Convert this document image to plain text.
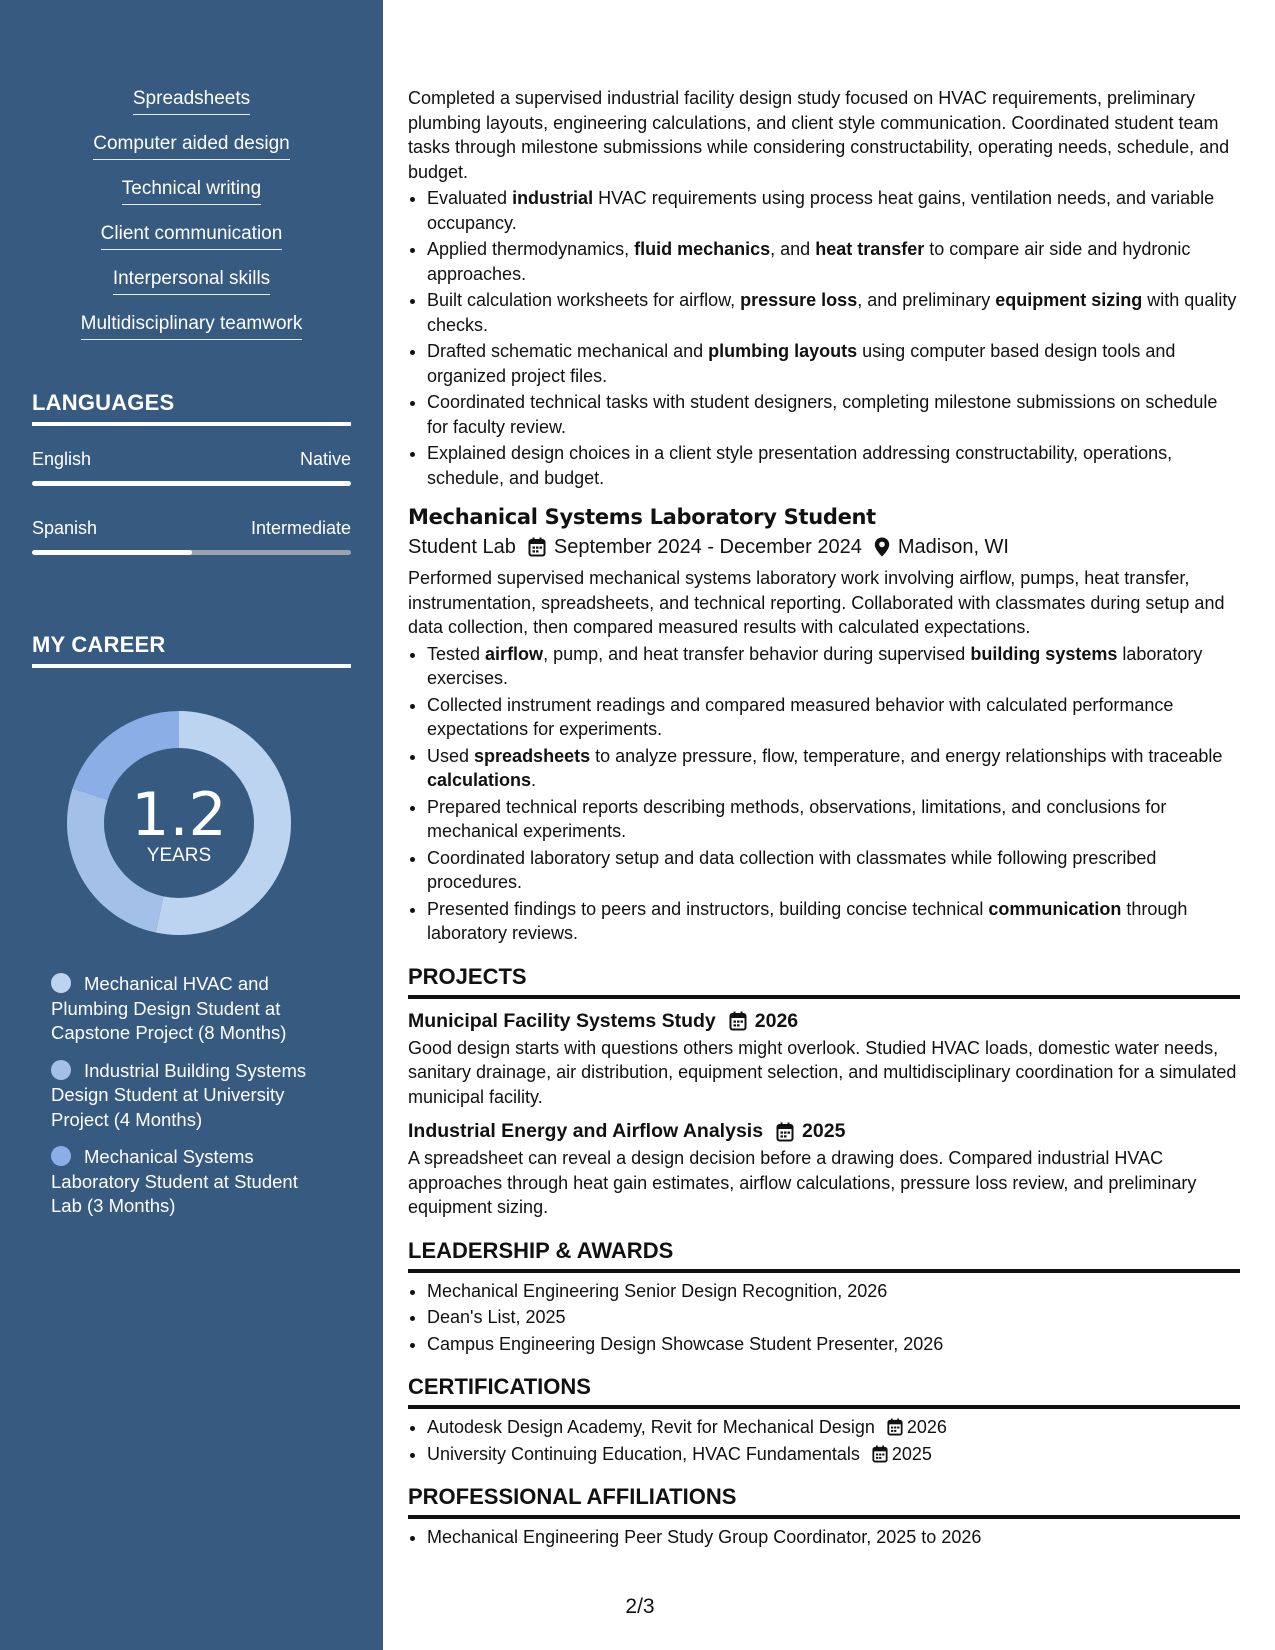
Spreadsheets
Computer aided design
Technical writing
Client communication
Interpersonal skills
Multidisciplinary teamwork
LANGUAGES
English	Native
Spanish	Intermediate
MY CAREER
1.2
YEARS
Mechanical HVAC and Plumbing Design Student at Capstone Project (8 Months)
Industrial Building Systems Design Student at University Project (4 Months)
Mechanical Systems Laboratory Student at Student Lab (3 Months)

Completed a supervised industrial facility design study focused on HVAC requirements, preliminary plumbing layouts, engineering calculations, and client style communication. Coordinated student team tasks through milestone submissions while considering constructability, operating needs, schedule, and budget.

• Evaluated industrial HVAC requirements using process heat gains, ventilation needs, and variable occupancy.
• Applied thermodynamics, fluid mechanics, and heat transfer to compare air side and hydronic approaches.
• Built calculation worksheets for airflow, pressure loss, and preliminary equipment sizing with quality checks.
• Drafted schematic mechanical and plumbing layouts using computer based design tools and organized project files.
• Coordinated technical tasks with student designers, completing milestone submissions on schedule for faculty review.
• Explained design choices in a client style presentation addressing constructability, operations, schedule, and budget.
Mechanical Systems Laboratory Student
Student Lab September 2024 - December 2024 Madison, WI

Performed supervised mechanical systems laboratory work involving airflow, pumps, heat transfer, instrumentation, spreadsheets, and technical reporting. Collaborated with classmates during setup and data collection, then compared measured results with calculated expectations.

• Tested airflow, pump, and heat transfer behavior during supervised building systems laboratory exercises.
• Collected instrument readings and compared measured behavior with calculated performance expectations for experiments.
• Used spreadsheets to analyze pressure, flow, temperature, and energy relationships with traceable calculations.
• Prepared technical reports describing methods, observations, limitations, and conclusions for mechanical experiments.
• Coordinated laboratory setup and data collection with classmates while following prescribed procedures.
• Presented findings to peers and instructors, building concise technical communication through laboratory reviews.
PROJECTS
Municipal Facility Systems Study 2026

Good design starts with questions others might overlook. Studied HVAC loads, domestic water needs, sanitary drainage, air distribution, equipment selection, and multidisciplinary coordination for a simulated municipal facility.

Industrial Energy and Airflow Analysis 2025

A spreadsheet can reveal a design decision before a drawing does. Compared industrial HVAC approaches through heat gain estimates, airflow calculations, pressure loss review, and preliminary equipment sizing.

LEADERSHIP & AWARDS
• Mechanical Engineering Senior Design Recognition, 2026
• Dean's List, 2025
• Campus Engineering Design Showcase Student Presenter, 2026
CERTIFICATIONS
• Autodesk Design Academy, Revit for Mechanical Design 2026
• University Continuing Education, HVAC Fundamentals 2025
PROFESSIONAL AFFILIATIONS
• Mechanical Engineering Peer Study Group Coordinator, 2025 to 2026
2/3
